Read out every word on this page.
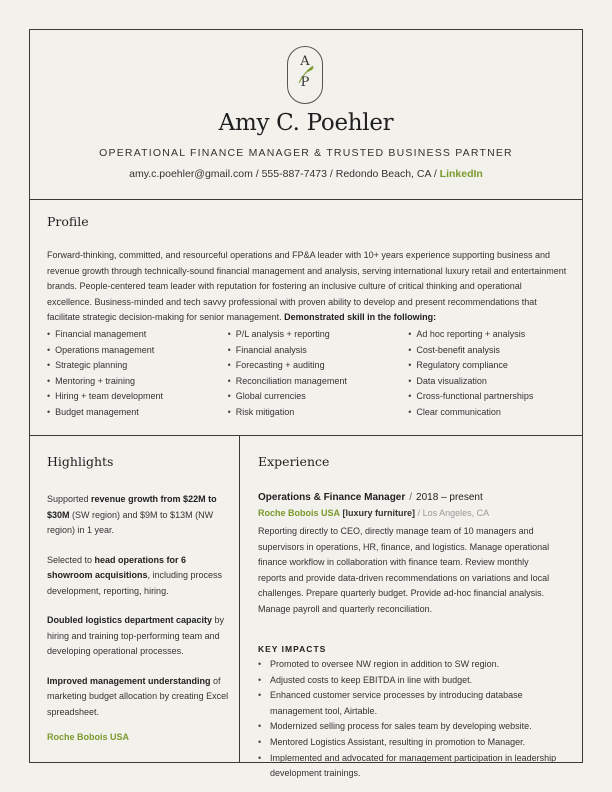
A
P
Amy C. Poehler
OPERATIONAL FINANCE MANAGER & TRUSTED BUSINESS PARTNER
amy.c.poehler@gmail.com / 555-887-7473 / Redondo Beach, CA / LinkedIn
Profile

Forward-thinking, committed, and resourceful operations and FP&A leader with 10+ years experience supporting business and revenue growth through technically-sound financial management and analysis, serving international luxury retail and entertainment brands. People-centered team leader with reputation for fostering an inclusive culture of critical thinking and operational excellence. Business-minded and tech savvy professional with proven ability to develop and present recommendations that facilitate strategic decision-making for senior management. Demonstrated skill in the following:

• Financial management
• Operations management
• Strategic planning
• Mentoring + training
• Hiring + team development
• Budget management
• P/L analysis + reporting
• Financial analysis
• Forecasting + auditing
• Reconciliation management
• Global currencies
• Risk mitigation
• Ad hoc reporting + analysis
• Cost-benefit analysis
• Regulatory compliance
• Data visualization
• Cross-functional partnerships
• Clear communication
Highlights

Supported revenue growth from $22M to $30M (SW region) and $9M to $13M (NW region) in 1 year.

Selected to head operations for 6 showroom acquisitions, including process development, reporting, hiring.

Doubled logistics department capacity by hiring and training top-performing team and developing operational processes.

Improved management understanding of marketing budget allocation by creating Excel spreadsheet.

Roche Bobois USA
Experience
Operations & Finance Manager / 2018 – present
Roche Bobois USA [luxury furniture] / Los Angeles, CA

Reporting directly to CEO, directly manage team of 10 managers and supervisors in operations, HR, finance, and logistics. Manage operational finance workflow in collaboration with finance team. Review monthly reports and provide data-driven recommendations on variations and local challenges. Prepare quarterly budget. Provide ad-hoc financial analysis. Manage payroll and quarterly reconciliation.

KEY IMPACTS
• Promoted to oversee NW region in addition to SW region.
• Adjusted costs to keep EBITDA in line with budget.
• Enhanced customer service processes by introducing database management tool, Airtable.
• Modernized selling process for sales team by developing website.
• Mentored Logistics Assistant, resulting in promotion to Manager.
• Implemented and advocated for management participation in leadership development trainings.
